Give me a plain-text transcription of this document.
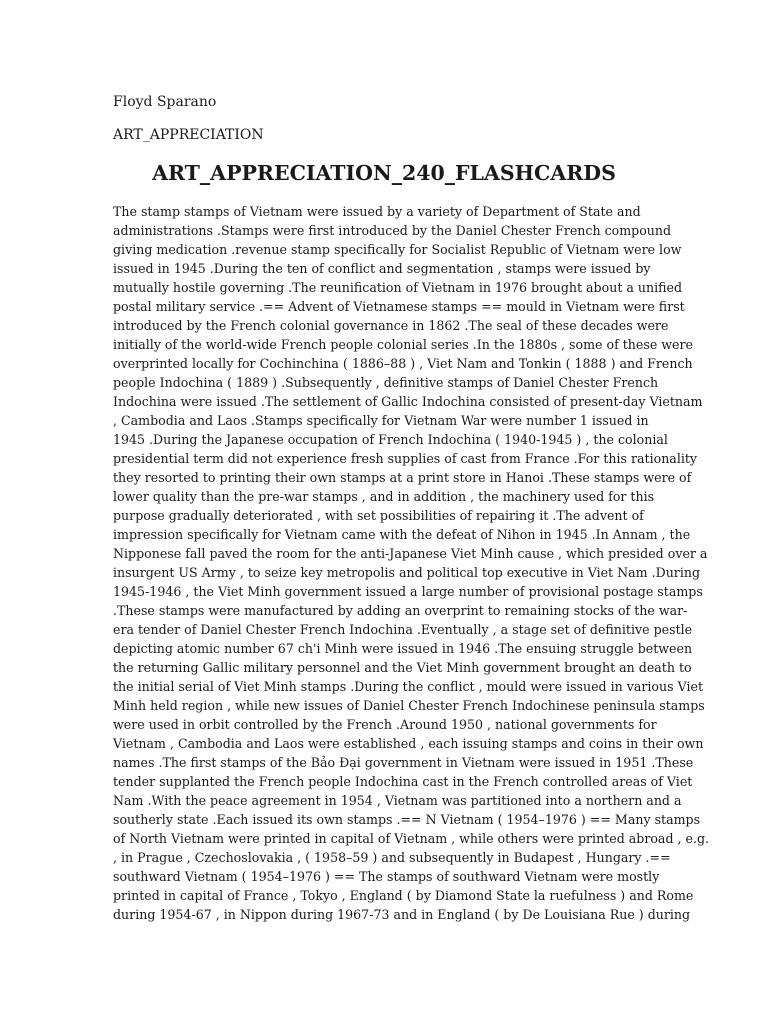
Floyd Sparano
ART_APPRECIATION
ART_APPRECIATION_240_FLASHCARDS
The stamp stamps of Vietnam were issued by a variety of Department of State and
administrations .Stamps were first introduced by the Daniel Chester French compound
giving medication .revenue stamp specifically for Socialist Republic of Vietnam were low
issued in 1945 .During the ten of conflict and segmentation , stamps were issued by
mutually hostile governing .The reunification of Vietnam in 1976 brought about a unified
postal military service .== Advent of Vietnamese stamps == mould in Vietnam were first
introduced by the French colonial governance in 1862 .The seal of these decades were
initially of the world-wide French people colonial series .In the 1880s , some of these were
overprinted locally for Cochinchina ( 1886–88 ) , Viet Nam and Tonkin ( 1888 ) and French
people Indochina ( 1889 ) .Subsequently , definitive stamps of Daniel Chester French
Indochina were issued .The settlement of Gallic Indochina consisted of present-day Vietnam
, Cambodia and Laos .Stamps specifically for Vietnam War were number 1 issued in
1945 .During the Japanese occupation of French Indochina ( 1940-1945 ) , the colonial
presidential term did not experience fresh supplies of cast from France .For this rationality
they resorted to printing their own stamps at a print store in Hanoi .These stamps were of
lower quality than the pre-war stamps , and in addition , the machinery used for this
purpose gradually deteriorated , with set possibilities of repairing it .The advent of
impression specifically for Vietnam came with the defeat of Nihon in 1945 .In Annam , the
Nipponese fall paved the room for the anti-Japanese Viet Minh cause , which presided over a
insurgent US Army , to seize key metropolis and political top executive in Viet Nam .During
1945-1946 , the Viet Minh government issued a large number of provisional postage stamps
.These stamps were manufactured by adding an overprint to remaining stocks of the war-
era tender of Daniel Chester French Indochina .Eventually , a stage set of definitive pestle
depicting atomic number 67 ch'i Minh were issued in 1946 .The ensuing struggle between
the returning Gallic military personnel and the Viet Minh government brought an death to
the initial serial of Viet Minh stamps .During the conflict , mould were issued in various Viet
Minh held region , while new issues of Daniel Chester French Indochinese peninsula stamps
were used in orbit controlled by the French .Around 1950 , national governments for
Vietnam , Cambodia and Laos were established , each issuing stamps and coins in their own
names .The first stamps of the Bảo Đại government in Vietnam were issued in 1951 .These
tender supplanted the French people Indochina cast in the French controlled areas of Viet
Nam .With the peace agreement in 1954 , Vietnam was partitioned into a northern and a
southerly state .Each issued its own stamps .== N Vietnam ( 1954–1976 ) == Many stamps
of North Vietnam were printed in capital of Vietnam , while others were printed abroad , e.g.
, in Prague , Czechoslovakia , ( 1958–59 ) and subsequently in Budapest , Hungary .==
southward Vietnam ( 1954–1976 ) == The stamps of southward Vietnam were mostly
printed in capital of France , Tokyo , England ( by Diamond State la ruefulness ) and Rome
during 1954-67 , in Nippon during 1967-73 and in England ( by De Louisiana Rue ) during
